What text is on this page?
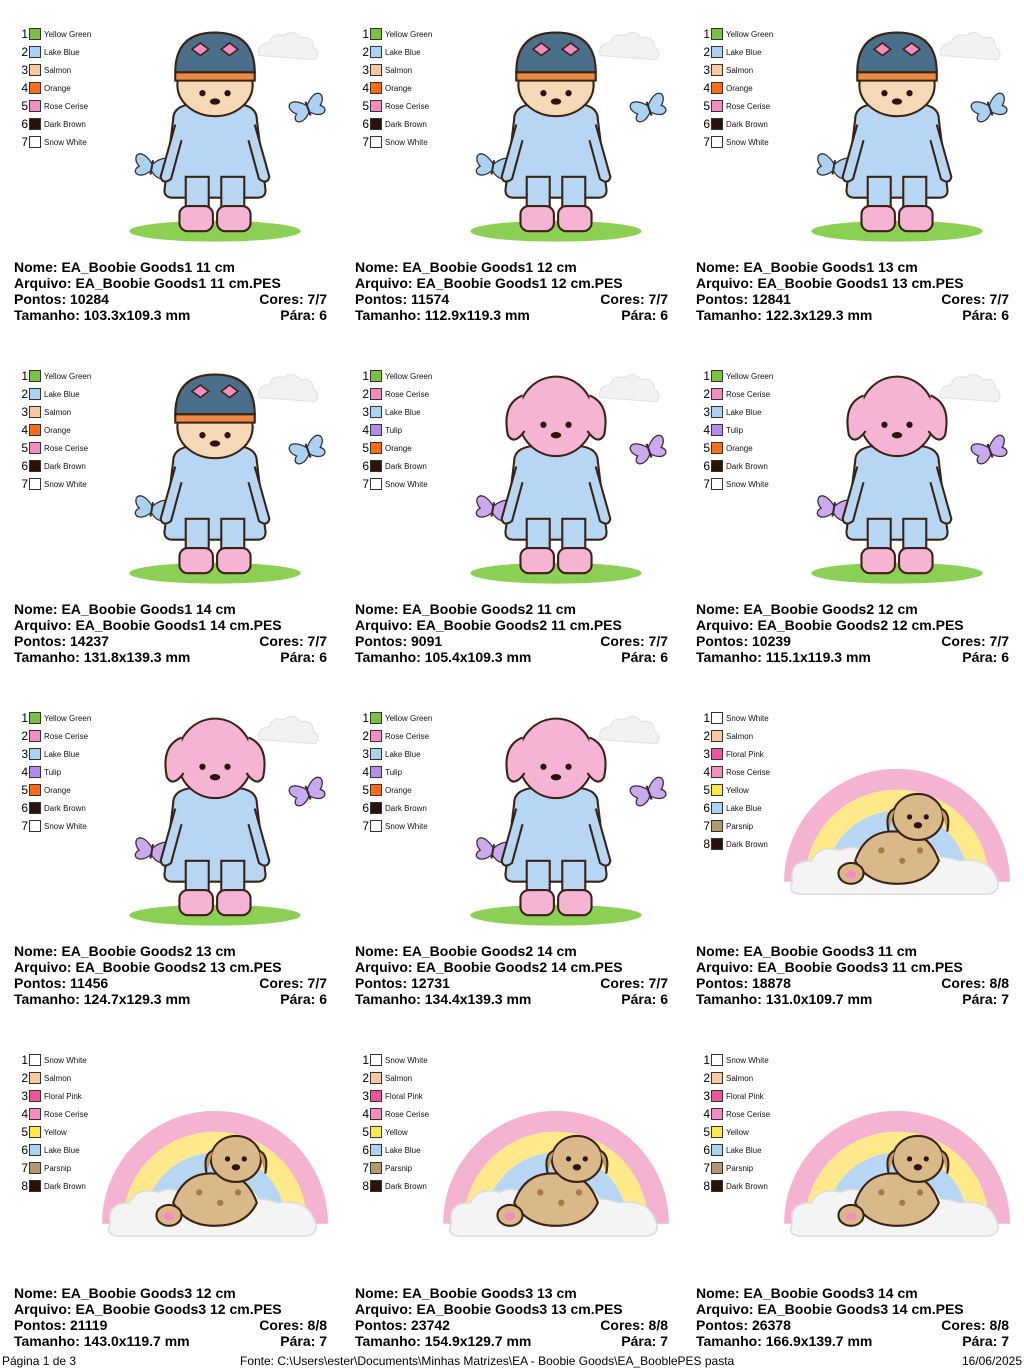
1 Yellow Green
2 Lake Blue
3 Salmon
4 Orange
5 Rose Cerise
6 Dark Brown
7 Snow White
Nome: EA_Boobie Goods1 11 cm
Arquivo: EA_Boobie Goods1 11 cm.PES
Pontos: 10284	Cores: 7/7
Tamanho: 103.3x109.3 mm	Pára: 6
1 Yellow Green
2 Lake Blue
3 Salmon
4 Orange
5 Rose Cerise
6 Dark Brown
7 Snow White
Nome: EA_Boobie Goods1 12 cm
Arquivo: EA_Boobie Goods1 12 cm.PES
Pontos: 11574	Cores: 7/7
Tamanho: 112.9x119.3 mm	Pára: 6
1 Yellow Green
2 Lake Blue
3 Salmon
4 Orange
5 Rose Cerise
6 Dark Brown
7 Snow White
Nome: EA_Boobie Goods1 13 cm
Arquivo: EA_Boobie Goods1 13 cm.PES
Pontos: 12841	Cores: 7/7
Tamanho: 122.3x129.3 mm	Pára: 6
1 Yellow Green
2 Lake Blue
3 Salmon
4 Orange
5 Rose Cerise
6 Dark Brown
7 Snow White
Nome: EA_Boobie Goods1 14 cm
Arquivo: EA_Boobie Goods1 14 cm.PES
Pontos: 14237	Cores: 7/7
Tamanho: 131.8x139.3 mm	Pára: 6
1 Yellow Green
2 Rose Cerise
3 Lake Blue
4 Tulip
5 Orange
6 Dark Brown
7 Snow White
Nome: EA_Boobie Goods2 11 cm
Arquivo: EA_Boobie Goods2 11 cm.PES
Pontos: 9091	Cores: 7/7
Tamanho: 105.4x109.3 mm	Pára: 6
1 Yellow Green
2 Rose Cerise
3 Lake Blue
4 Tulip
5 Orange
6 Dark Brown
7 Snow White
Nome: EA_Boobie Goods2 12 cm
Arquivo: EA_Boobie Goods2 12 cm.PES
Pontos: 10239	Cores: 7/7
Tamanho: 115.1x119.3 mm	Pára: 6
1 Yellow Green
2 Rose Cerise
3 Lake Blue
4 Tulip
5 Orange
6 Dark Brown
7 Snow White
Nome: EA_Boobie Goods2 13 cm
Arquivo: EA_Boobie Goods2 13 cm.PES
Pontos: 11456	Cores: 7/7
Tamanho: 124.7x129.3 mm	Pára: 6
1 Yellow Green
2 Rose Cerise
3 Lake Blue
4 Tulip
5 Orange
6 Dark Brown
7 Snow White
Nome: EA_Boobie Goods2 14 cm
Arquivo: EA_Boobie Goods2 14 cm.PES
Pontos: 12731	Cores: 7/7
Tamanho: 134.4x139.3 mm	Pára: 6
1 Snow White
2 Salmon
3 Floral Pink
4 Rose Cerise
5 Yellow
6 Lake Blue
7 Parsnip
8 Dark Brown
Nome: EA_Boobie Goods3 11 cm
Arquivo: EA_Boobie Goods3 11 cm.PES
Pontos: 18878	Cores: 8/8
Tamanho: 131.0x109.7 mm	Pára: 7
1 Snow White
2 Salmon
3 Floral Pink
4 Rose Cerise
5 Yellow
6 Lake Blue
7 Parsnip
8 Dark Brown
Nome: EA_Boobie Goods3 12 cm
Arquivo: EA_Boobie Goods3 12 cm.PES
Pontos: 21119	Cores: 8/8
Tamanho: 143.0x119.7 mm	Pára: 7
1 Snow White
2 Salmon
3 Floral Pink
4 Rose Cerise
5 Yellow
6 Lake Blue
7 Parsnip
8 Dark Brown
Nome: EA_Boobie Goods3 13 cm
Arquivo: EA_Boobie Goods3 13 cm.PES
Pontos: 23742	Cores: 8/8
Tamanho: 154.9x129.7 mm	Pára: 7
1 Snow White
2 Salmon
3 Floral Pink
4 Rose Cerise
5 Yellow
6 Lake Blue
7 Parsnip
8 Dark Brown
Nome: EA_Boobie Goods3 14 cm
Arquivo: EA_Boobie Goods3 14 cm.PES
Pontos: 26378	Cores: 8/8
Tamanho: 166.9x139.7 mm	Pára: 7
Página 1 de 3	Fonte: C:\Users\ester\Documents\Minhas Matrizes\EA - Boobie Goods\EA_BooblePES pasta	16/06/2025
